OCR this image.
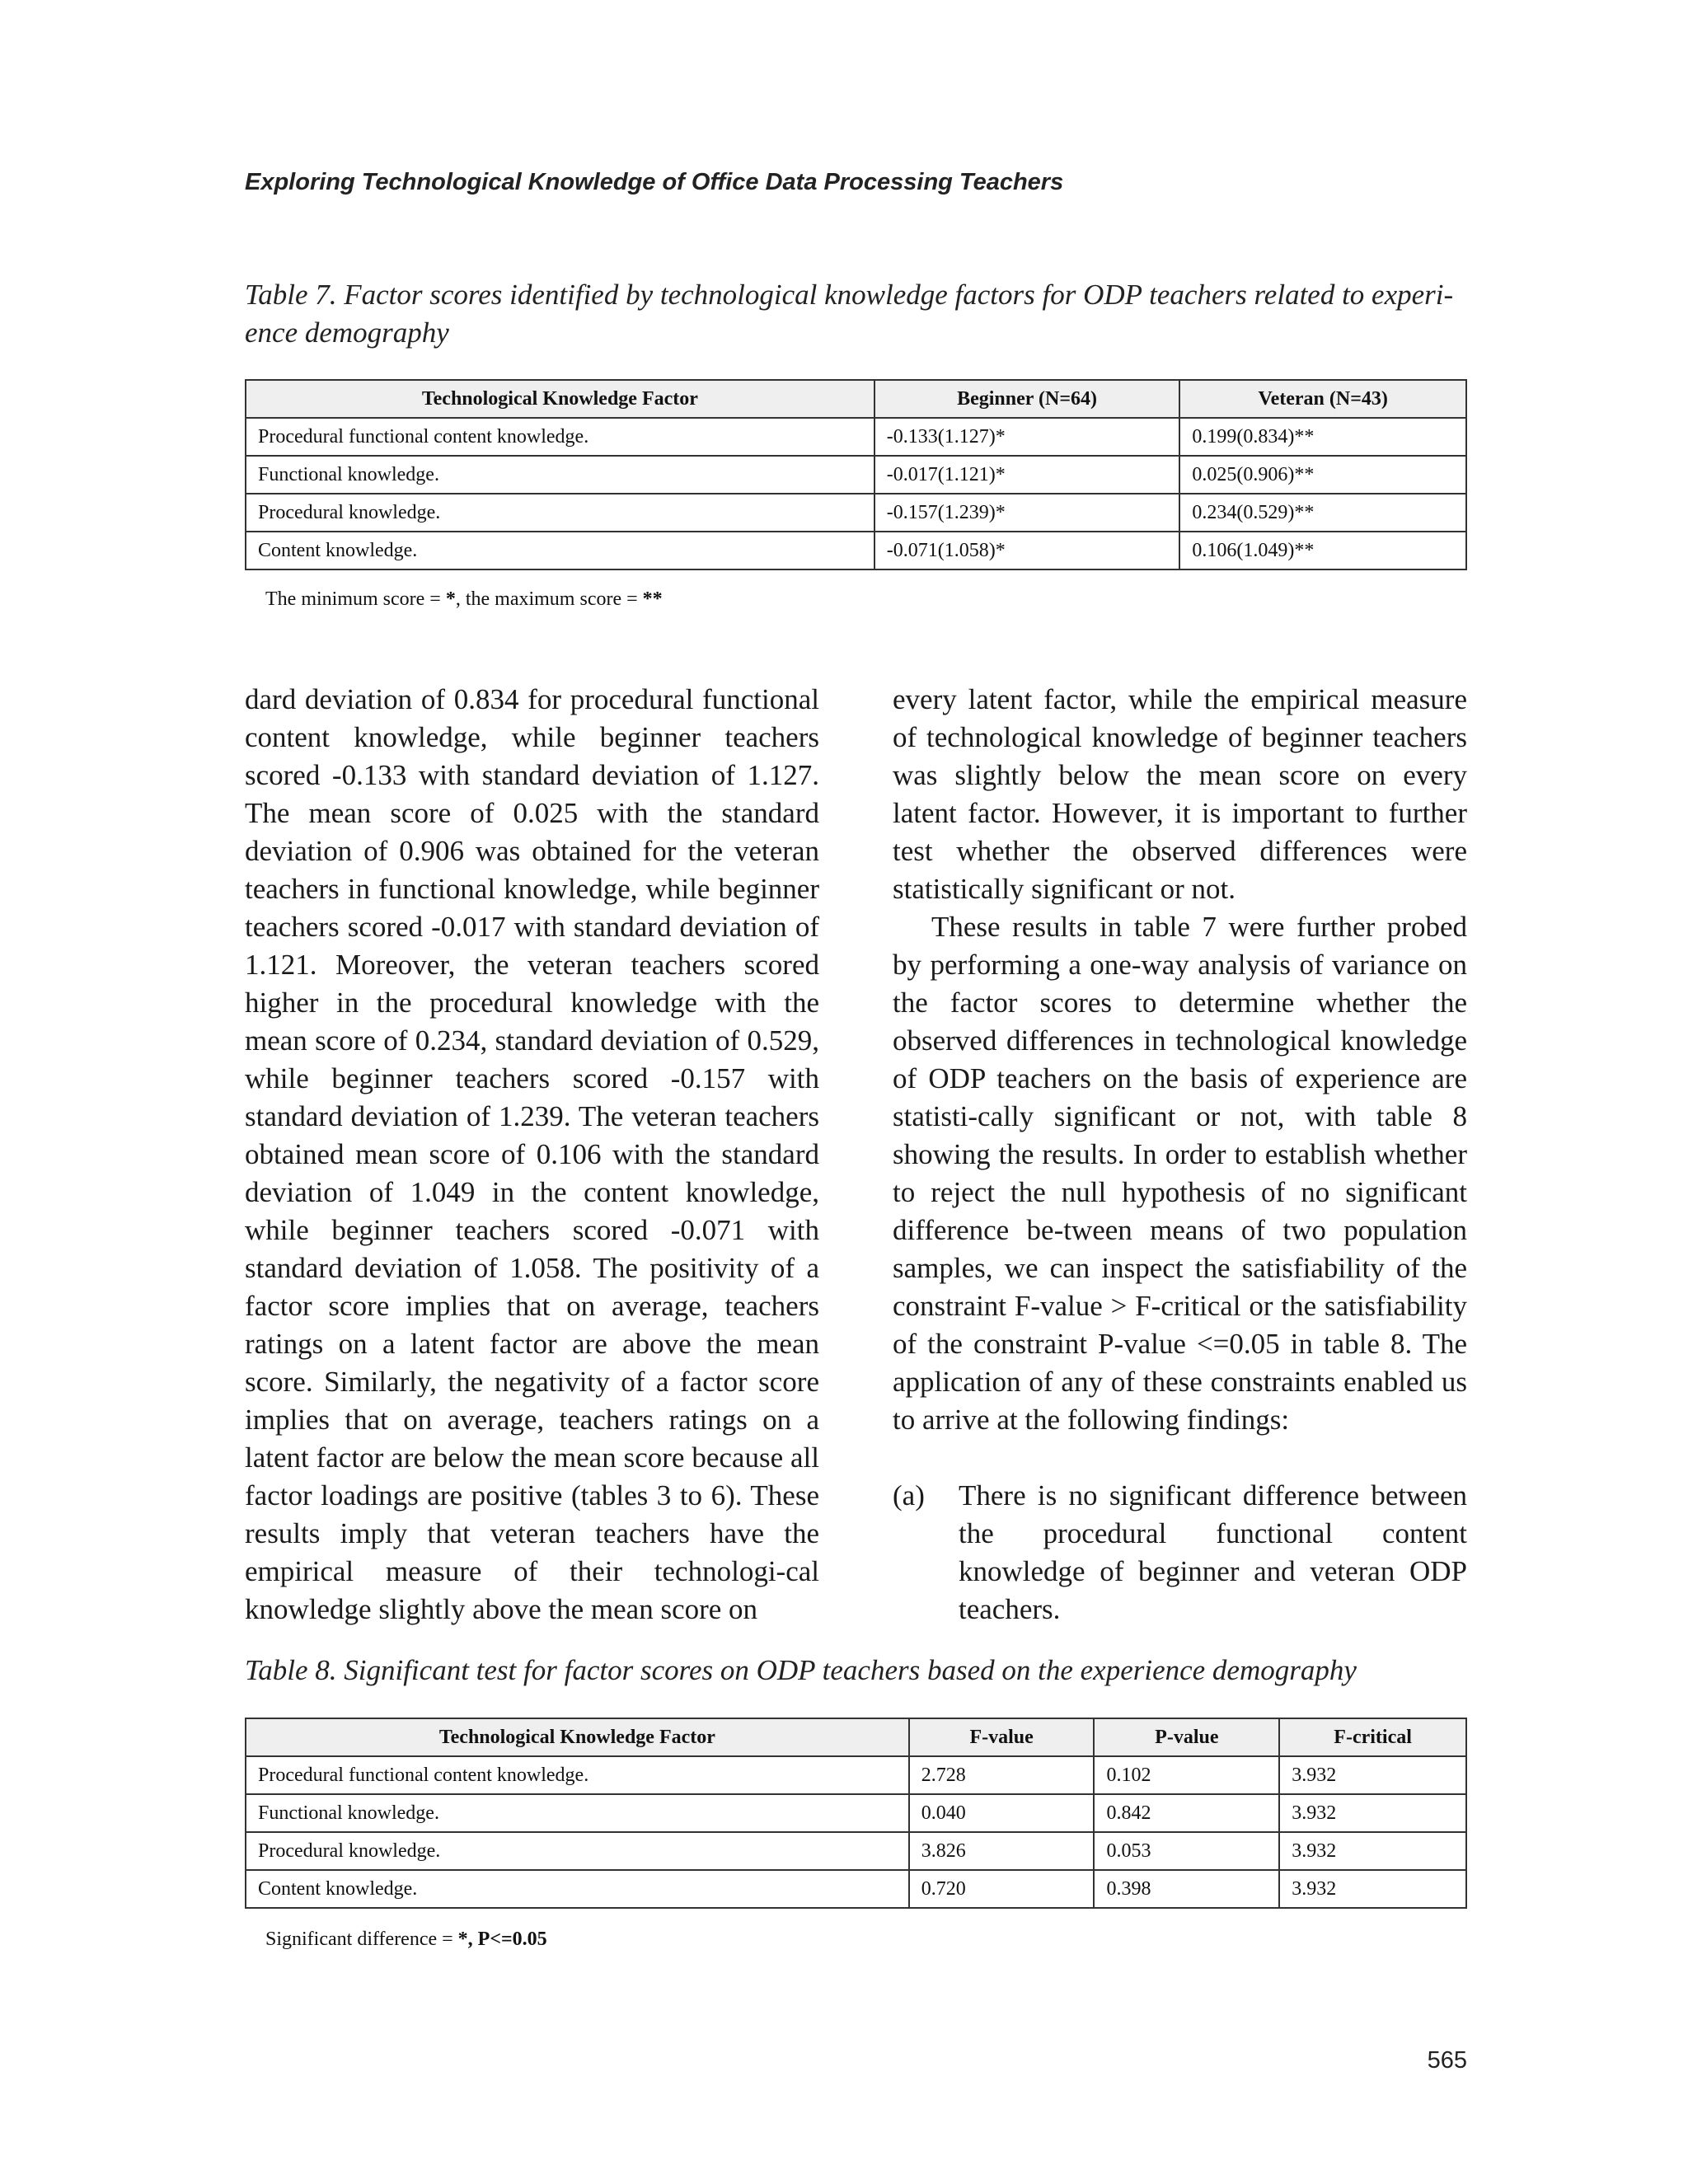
Exploring Technological Knowledge of Office Data Processing Teachers
Table 7. Factor scores identified by technological knowledge factors for ODP teachers related to experi-ence demography
Technological Knowledge Factor	Beginner (N=64)	Veteran (N=43)
Procedural functional content knowledge.	-0.133(1.127)*	0.199(0.834)**
Functional knowledge.	-0.017(1.121)*	0.025(0.906)**
Procedural knowledge.	-0.157(1.239)*	0.234(0.529)**
Content knowledge.	-0.071(1.058)*	0.106(1.049)**
The minimum score = *, the maximum score = **

dard deviation of 0.834 for procedural functional content knowledge, while beginner teachers scored -0.133 with standard deviation of 1.127. The mean score of 0.025 with the standard deviation of 0.906 was obtained for the veteran teachers in functional knowledge, while beginner teachers scored -0.017 with standard deviation of 1.121. Moreover, the veteran teachers scored higher in the procedural knowledge with the mean score of 0.234, standard deviation of 0.529, while beginner teachers scored -0.157 with standard deviation of 1.239. The veteran teachers obtained mean score of 0.106 with the standard deviation of 1.049 in the content knowledge, while beginner teachers scored -0.071 with standard deviation of 1.058. The positivity of a factor score implies that on average, teachers ratings on a latent factor are above the mean score. Similarly, the negativity of a factor score implies that on average, teachers ratings on a latent factor are below the mean score because all factor loadings are positive (tables 3 to 6). These results imply that veteran teachers have the empirical measure of their technologi-cal knowledge slightly above the mean score on

every latent factor, while the empirical measure of technological knowledge of beginner teachers was slightly below the mean score on every latent factor. However, it is important to further test whether the observed differences were statistically significant or not.

These results in table 7 were further probed by performing a one-way analysis of variance on the factor scores to determine whether the observed differences in technological knowledge of ODP teachers on the basis of experience are statisti-cally significant or not, with table 8 showing the results. In order to establish whether to reject the null hypothesis of no significant difference be-tween means of two population samples, we can inspect the satisfiability of the constraint F-value > F-critical or the satisfiability of the constraint P-value <=0.05 in table 8. The application of any of these constraints enabled us to arrive at the following findings:

(a)	There is no significant difference between the procedural functional content knowledge of beginner and veteran ODP teachers.
Table 8. Significant test for factor scores on ODP teachers based on the experience demography
Technological Knowledge Factor	F-value	P-value	F-critical
Procedural functional content knowledge.	2.728	0.102	3.932
Functional knowledge.	0.040	0.842	3.932
Procedural knowledge.	3.826	0.053	3.932
Content knowledge.	0.720	0.398	3.932
Significant difference = *, P<=0.05
565
